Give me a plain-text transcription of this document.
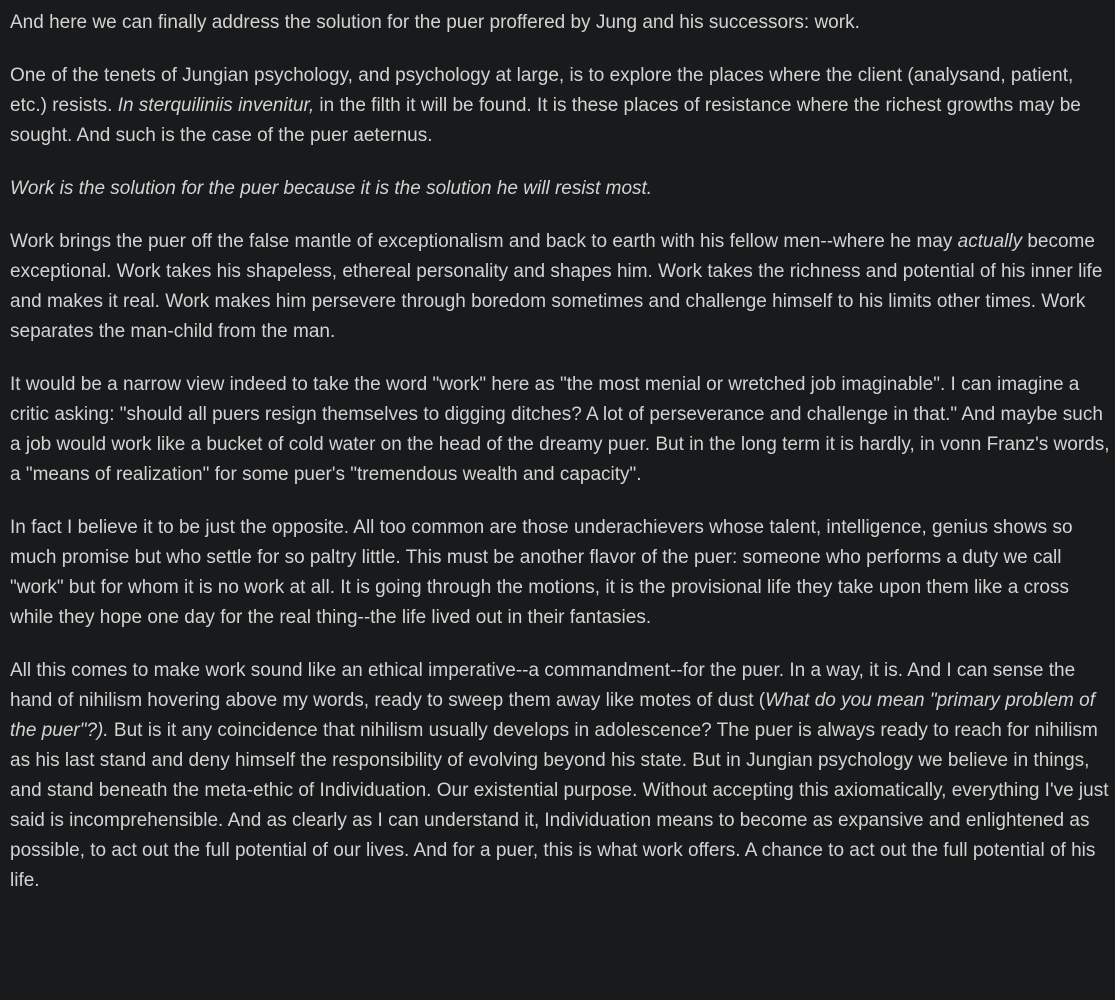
And here we can finally address the solution for the puer proffered by Jung and his successors: work.

One of the tenets of Jungian psychology, and psychology at large, is to explore the places where the client (analysand, patient, etc.) resists. In sterquiliniis invenitur, in the filth it will be found. It is these places of resistance where the richest growths may be sought. And such is the case of the puer aeternus.

Work is the solution for the puer because it is the solution he will resist most.

Work brings the puer off the false mantle of exceptionalism and back to earth with his fellow men--where he may actually become exceptional. Work takes his shapeless, ethereal personality and shapes him. Work takes the richness and potential of his inner life and makes it real. Work makes him persevere through boredom sometimes and challenge himself to his limits other times. Work separates the man-child from the man.

It would be a narrow view indeed to take the word "work" here as "the most menial or wretched job imaginable". I can imagine a critic asking: "should all puers resign themselves to digging ditches? A lot of perseverance and challenge in that." And maybe such a job would work like a bucket of cold water on the head of the dreamy puer. But in the long term it is hardly, in vonn Franz's words, a "means of realization" for some puer's "tremendous wealth and capacity".

In fact I believe it to be just the opposite. All too common are those underachievers whose talent, intelligence, genius shows so much promise but who settle for so paltry little. This must be another flavor of the puer: someone who performs a duty we call "work" but for whom it is no work at all. It is going through the motions, it is the provisional life they take upon them like a cross while they hope one day for the real thing--the life lived out in their fantasies.

All this comes to make work sound like an ethical imperative--a commandment--for the puer. In a way, it is. And I can sense the hand of nihilism hovering above my words, ready to sweep them away like motes of dust (What do you mean "primary problem of the puer"?). But is it any coincidence that nihilism usually develops in adolescence? The puer is always ready to reach for nihilism as his last stand and deny himself the responsibility of evolving beyond his state. But in Jungian psychology we believe in things, and stand beneath the meta-ethic of Individuation. Our existential purpose. Without accepting this axiomatically, everything I've just said is incomprehensible. And as clearly as I can understand it, Individuation means to become as expansive and enlightened as possible, to act out the full potential of our lives. And for a puer, this is what work offers. A chance to act out the full potential of his life.
